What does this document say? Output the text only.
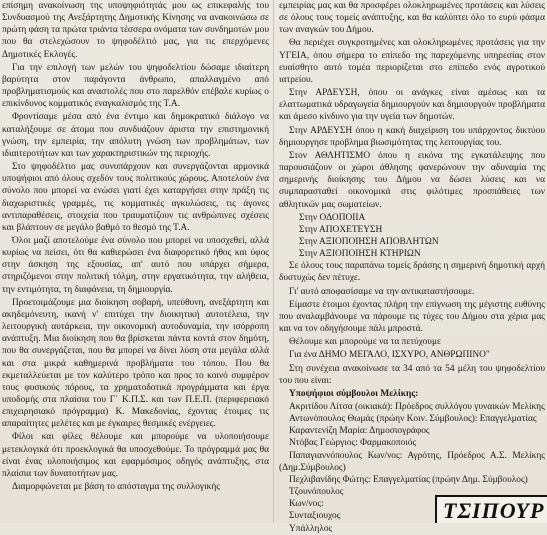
επίσημη ανακοίνωση της υποψηφιότητάς μου ως επικεφαλής του Συνδυασμού της Ανεξάρτητης Δημοτικής Κίνησης να ανακοινώσω σε πρώτη φάση τα πρώτα τριάντα τέσσερα ονόματα των συνδημοτών μου που θα στελεχώσουν το ψηφοδέλτιό μας, για τις επερχόμενες Δημοτικές Εκλογές.

Για την επιλογή των μελών του ψηφοδελτίου δώσαμε ιδιαίτερη βαρύτητα στον παράγοντα άνθρωπο, απαλλαγμένο από προβληματισμούς και αναστολές που στο παρελθόν επέβαλε κυρίως ο επικίνδυνος κομματικός εναγκαλισμός της Τ.Α.

Φροντίσαμε μέσα από ένα έντιμο και δημοκρατικό διάλογο να καταλήξουμε σε άτομα που συνδυάζουν άριστα την επιστημονική γνώση, την εμπειρία, την απόλυτη γνώση των προβλημάτων, των ιδιαιτεροτήτων και των χαρακτηριστικών της περιοχής.

Στο ψηφοδέλτιο μας συνυπάρχουν και συνεργάζονται αρμονικά υποψήφιοι από όλους σχεδόν τους πολιτικούς χώρους. Αποτελούν ένα σύνολο που μπορεί να ενώσει γιατί έχει καταργήσει στην πράξη τις διαχωριστικές γραμμές, τις κομματικές αγκυλώσεις, τις άγονες αντιπαραθέσεις, στοιχεία που τραυματίζουν τις ανθρώπινες σχέσεις και βλάπτουν σε μεγάλο βαθμό το θεσμό της Τ.Α.

Όλοι μαζί αποτελούμε ένα σύνολο που μπορεί να υποσχεθεί, αλλά κυρίως να πείσει, ότι θα καθιερώσει ένα διαφορετικό ήθος και ύφος στην άσκηση της εξουσίας, απ' αυτό που υπάρχει σήμερα, στηριζόμενοι στην πολιτική τόλμη, στην εργατικότητα, την αλήθεια, την εντιμότητα, τη διαφάνεια, τη δημιουργία.

Προετοιμάζουμε μια διοίκηση σοβαρή, υπεύθυνη, ανεξάρτητη και ακηδεμόνευτη, ικανή ν' επιτύχει την διοικητική αυτοτέλεια, την λειτουργική αυτάρκεια, την οικονομική αυτοδυναμία, την ισόρροπη ανάπτυξη. Μια διοίκηση που θα βρίσκεται πάντα κοντά στον δημότη, που θα συνεργάζεται, που θα μπορεί να δίνει λύση στα μεγάλα αλλά και στα μικρά καθημερινά προβλήματα του τόπου. Που θα εκμεταλλεύεται με τον καλύτερο τρόπο και προς το κοινό συμφέρον τους φυσικούς πόρους, τα χρηματοδοτικά προγράμματα και έργα υποδομής στα πλαίσια του Γ΄ Κ.Π.Σ. και των Π.Ε.Π. (περιφερειακό επιχειρησιακό πρόγραμμα) Κ. Μακεδονίας, έχοντας έτοιμες τις απαραίτητες μελέτες και με έγκαιρες θεσμικές ενέργειες.

Φίλοι και φίλες θέλουμε και μπορούμε να υλοποιήσουμε μετεκλογικά ότι προεκλογικά θα υποσχεθούμε. Το πρόγραμμά μας θα είναι ένας υλοποιήσιμος και εφαρμόσιμος οδηγός ανάπτυξης, στα πλαίσια των δυνατοτήτων μας.

Διαμορφώνεται με βάση το απόσταγμα της συλλογικής

εμπειρίας μας και θα προσφέρει ολοκληρωμένες προτάσεις και λύσεις σε όλους τους τομείς ανάπτυξης, και θα καλύπτει όλο το ευρύ φάσμα των αναγκών του Δήμου.

Θα περιέχει συγκροτημένες και ολοκληρωμένες προτάσεις για την ΥΓΕΙΑ, όπου σήμερα το επίπεδο της παρεχόμενης υπηρεσίας στον ευαίσθητο αυτό τομέα περιορίζεται στο επίπεδο ενός αγροτικού ιατρείου.

Στην ΑΡΔΕΥΣΗ, όπου οι ανάγκες είναι αμέσως και τα ελαττωματικά υδραγωγεία δημιουργούν και δημιουργούν προβλήματα και άμεσο κίνδυνο για την υγεία των δημοτών.

Στην ΑΡΔΕΥΣΗ όπου η κακή διαχείριση του υπάρχοντος δικτύου δημιουργησε προβλημα βιωσιμότητας της λειτουργίας του.

Στον ΑΘΛΗΤΙΣΜΟ όπου η εικόνα της εγκατάλειψης που παρουσιάζουν οι χώροι άθλησης φανερώνουν την αδυναμία της σημερινής διοίκησης του Δήμου να δώσει λύσεις και να συμπαρασταθεί οικονομικά στις φιλότιμες προσπάθειες των αθλητικών μας σωματείων.

Στην ΟΔΟΠΟΙΙΑ

Στην ΑΠΟΧΕΤΕΥΣΗ

Στην ΑΞΙΟΠΟΙΗΣΗ ΑΠΟΒΛΗΤΩΝ

Στην ΑΞΙΟΠΟΙΗΣΗ ΚΤΗΡΙΩΝ

Σε όλους τους παραπάνω τομείς δράσης η σημερινή δημοτική αρχή δυστυχώς δεν πέτυχε.

Γι' αυτό αποφασίσαμε να την αντικαταστήσουμε.

Είμαστε έτοιμοι έχοντας πλήρη την επίγνωση της μέγιστης ευθύνης που αναλαμβάνουμε να πάρουμε τις τύχες του Δήμου στα χέρια μας και να τον οδηγήσουμε πάλι μπροστά.

Θέλουμε και μπορούμε να τα πετύχουμε

Για ένα ΔΗΜΟ ΜΕΓΑΛΟ, ΙΣΧΥΡΟ, ΑΝΘΡΩΠΙΝΟ"

Στη συνέχεια ανακοίνωσε τα 34 από τα 54 μέλη του ψηφοδελτίου του που είναι:

Υποψήφιοι σύμβουλοι Μελίκης:

Ακριτίδου Λίτσα (οικιακά): Πρόεδρος συλλόγου γυναικών Μελίκης

Αντωνόπουλος Θωμάς (πρώην Κοιν. Σύμβουλος): Επαγγελματίας

Καραντενίζη Μαρία: Δημοσιογράφος

Ντόβας Γεώργιος: Φαρμακοποιός

Παπαγιαννόπουλος Κων/νος: Αγρότης, Πρόεδρος Α.Σ. Μελίκης (Δημ.Σύμβουλος)

Πεχλιβανίδης Φώτης: Επαγγελματίας (πρώην Δημ. Σύμβουλος)

Τζουνόπουλος

Κων/νος:

Συνταξιουχος

Υπάλληλος

ΤΣΙΠΟΥΡ
